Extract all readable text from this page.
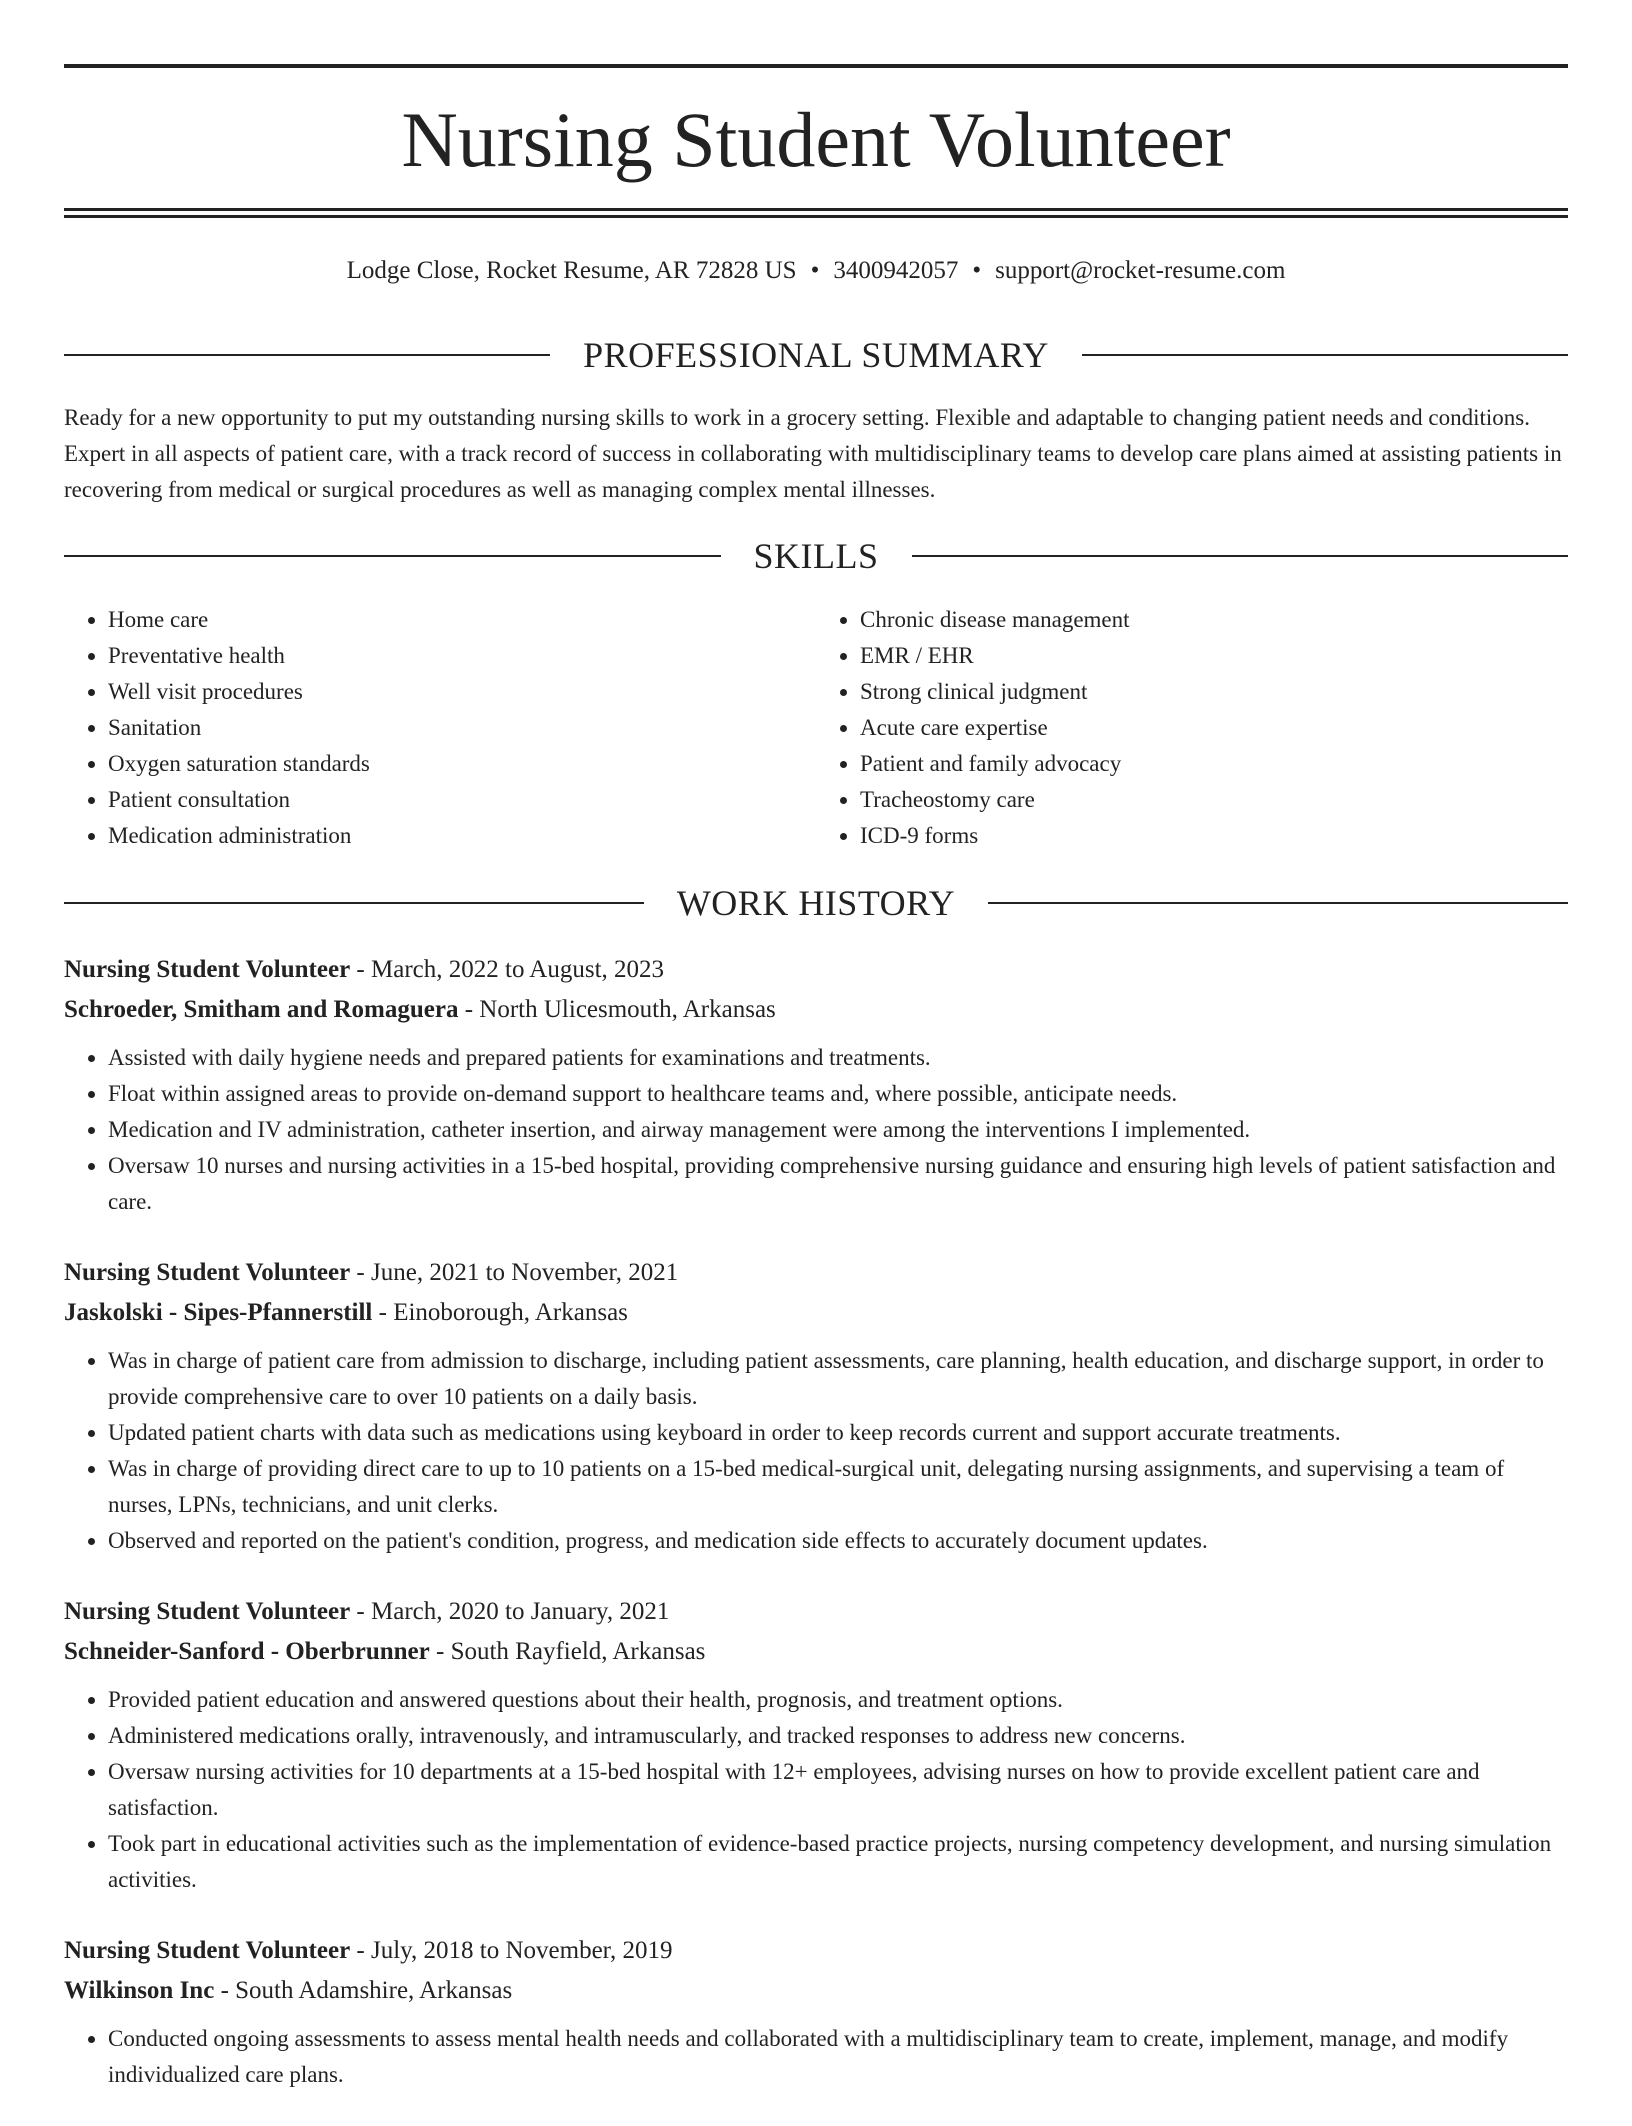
Nursing Student Volunteer
Lodge Close, Rocket Resume, AR 72828 US • 3400942057 • support@rocket-resume.com
PROFESSIONAL SUMMARY

Ready for a new opportunity to put my outstanding nursing skills to work in a grocery setting. Flexible and adaptable to changing patient needs and conditions. Expert in all aspects of patient care, with a track record of success in collaborating with multidisciplinary teams to develop care plans aimed at assisting patients in recovering from medical or surgical procedures as well as managing complex mental illnesses.

SKILLS
• Home care
• Preventative health
• Well visit procedures
• Sanitation
• Oxygen saturation standards
• Patient consultation
• Medication administration
• Chronic disease management
• EMR / EHR
• Strong clinical judgment
• Acute care expertise
• Patient and family advocacy
• Tracheostomy care
• ICD-9 forms
WORK HISTORY
Nursing Student Volunteer - March, 2022 to August, 2023
Schroeder, Smitham and Romaguera - North Ulicesmouth, Arkansas
• Assisted with daily hygiene needs and prepared patients for examinations and treatments.
• Float within assigned areas to provide on-demand support to healthcare teams and, where possible, anticipate needs.
• Medication and IV administration, catheter insertion, and airway management were among the interventions I implemented.
• Oversaw 10 nurses and nursing activities in a 15-bed hospital, providing comprehensive nursing guidance and ensuring high levels of patient satisfaction and care.
Nursing Student Volunteer - June, 2021 to November, 2021
Jaskolski - Sipes-Pfannerstill - Einoborough, Arkansas
• Was in charge of patient care from admission to discharge, including patient assessments, care planning, health education, and discharge support, in order to provide comprehensive care to over 10 patients on a daily basis.
• Updated patient charts with data such as medications using keyboard in order to keep records current and support accurate treatments.
• Was in charge of providing direct care to up to 10 patients on a 15-bed medical-surgical unit, delegating nursing assignments, and supervising a team of nurses, LPNs, technicians, and unit clerks.
• Observed and reported on the patient's condition, progress, and medication side effects to accurately document updates.
Nursing Student Volunteer - March, 2020 to January, 2021
Schneider-Sanford - Oberbrunner - South Rayfield, Arkansas
• Provided patient education and answered questions about their health, prognosis, and treatment options.
• Administered medications orally, intravenously, and intramuscularly, and tracked responses to address new concerns.
• Oversaw nursing activities for 10 departments at a 15-bed hospital with 12+ employees, advising nurses on how to provide excellent patient care and satisfaction.
• Took part in educational activities such as the implementation of evidence-based practice projects, nursing competency development, and nursing simulation activities.
Nursing Student Volunteer - July, 2018 to November, 2019
Wilkinson Inc - South Adamshire, Arkansas
• Conducted ongoing assessments to assess mental health needs and collaborated with a multidisciplinary team to create, implement, manage, and modify individualized care plans.
